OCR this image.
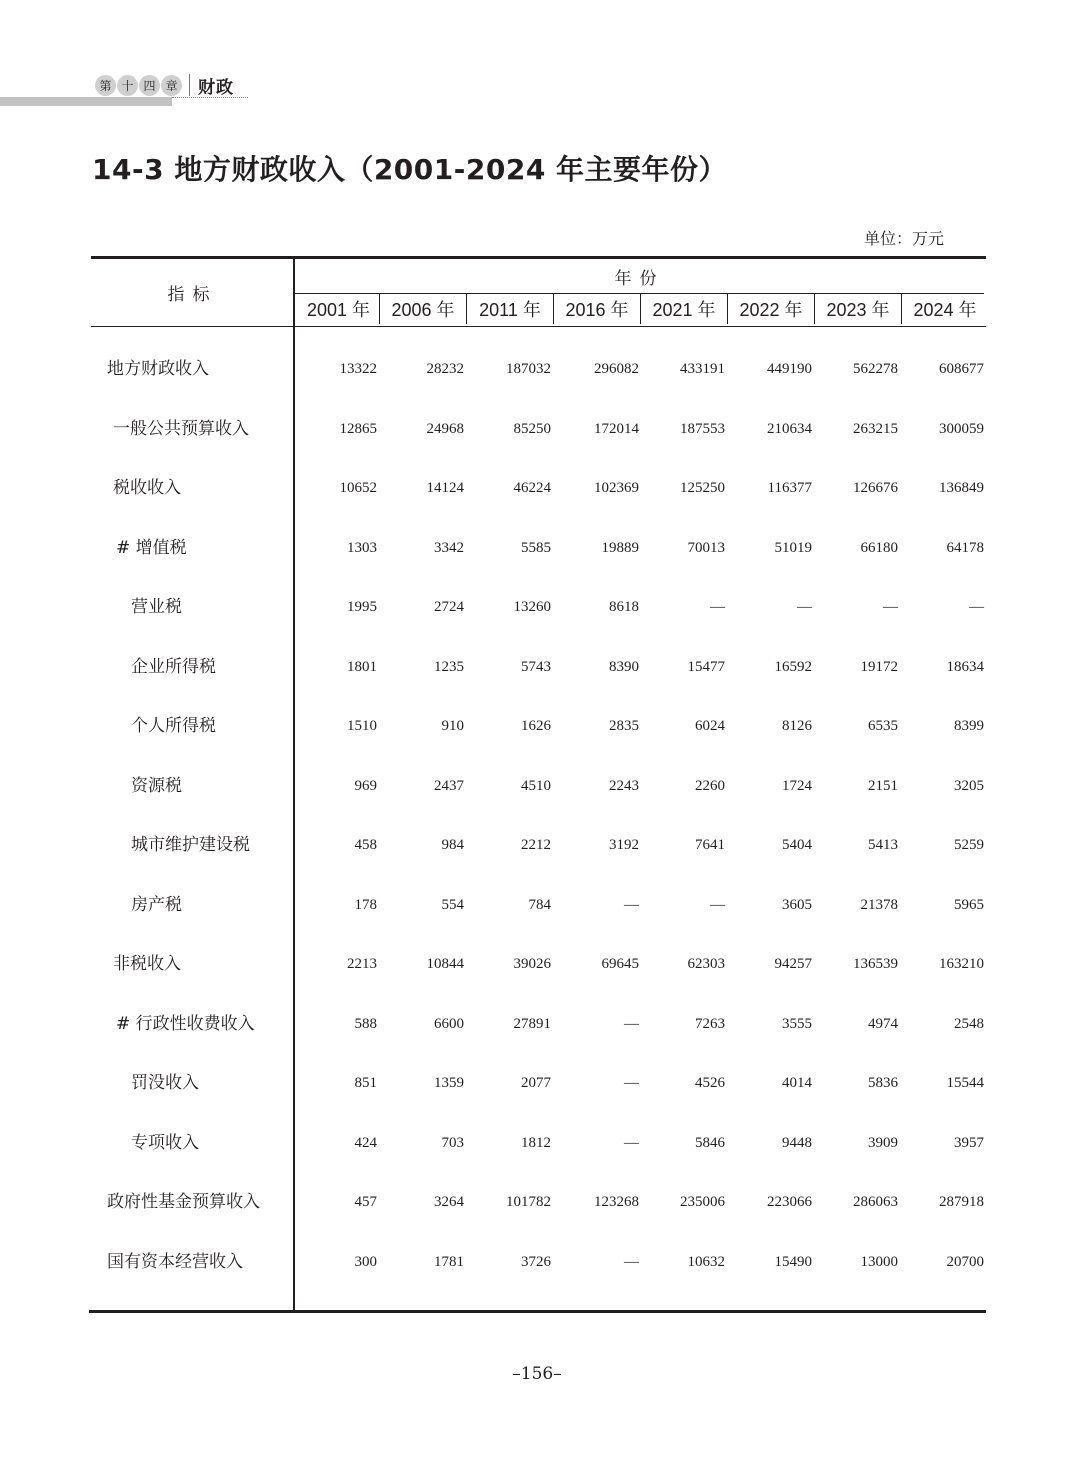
第 十 四 章 财政
14-3 地方财政收入（2001-2024 年主要年份）
单位：万元
指标
年份
2001 年	2006 年	2011 年	2016 年	2021 年	2022 年	2023 年	2024 年
地方财政收入	13322	28232	187032	296082	433191	449190	562278	608677
一般公共预算收入	12865	24968	85250	172014	187553	210634	263215	300059
税收收入	10652	14124	46224	102369	125250	116377	126676	136849
# 增值税	1303	3342	5585	19889	70013	51019	66180	64178
营业税	1995	2724	13260	8618	—	—	—	—
企业所得税	1801	1235	5743	8390	15477	16592	19172	18634
个人所得税	1510	910	1626	2835	6024	8126	6535	8399
资源税	969	2437	4510	2243	2260	1724	2151	3205
城市维护建设税	458	984	2212	3192	7641	5404	5413	5259
房产税	178	554	784	—	—	3605	21378	5965
非税收入	2213	10844	39026	69645	62303	94257	136539	163210
# 行政性收费收入	588	6600	27891	—	7263	3555	4974	2548
罚没收入	851	1359	2077	—	4526	4014	5836	15544
专项收入	424	703	1812	—	5846	9448	3909	3957
政府性基金预算收入	457	3264	101782	123268	235006	223066	286063	287918
国有资本经营收入	300	1781	3726	—	10632	15490	13000	20700
–156–
